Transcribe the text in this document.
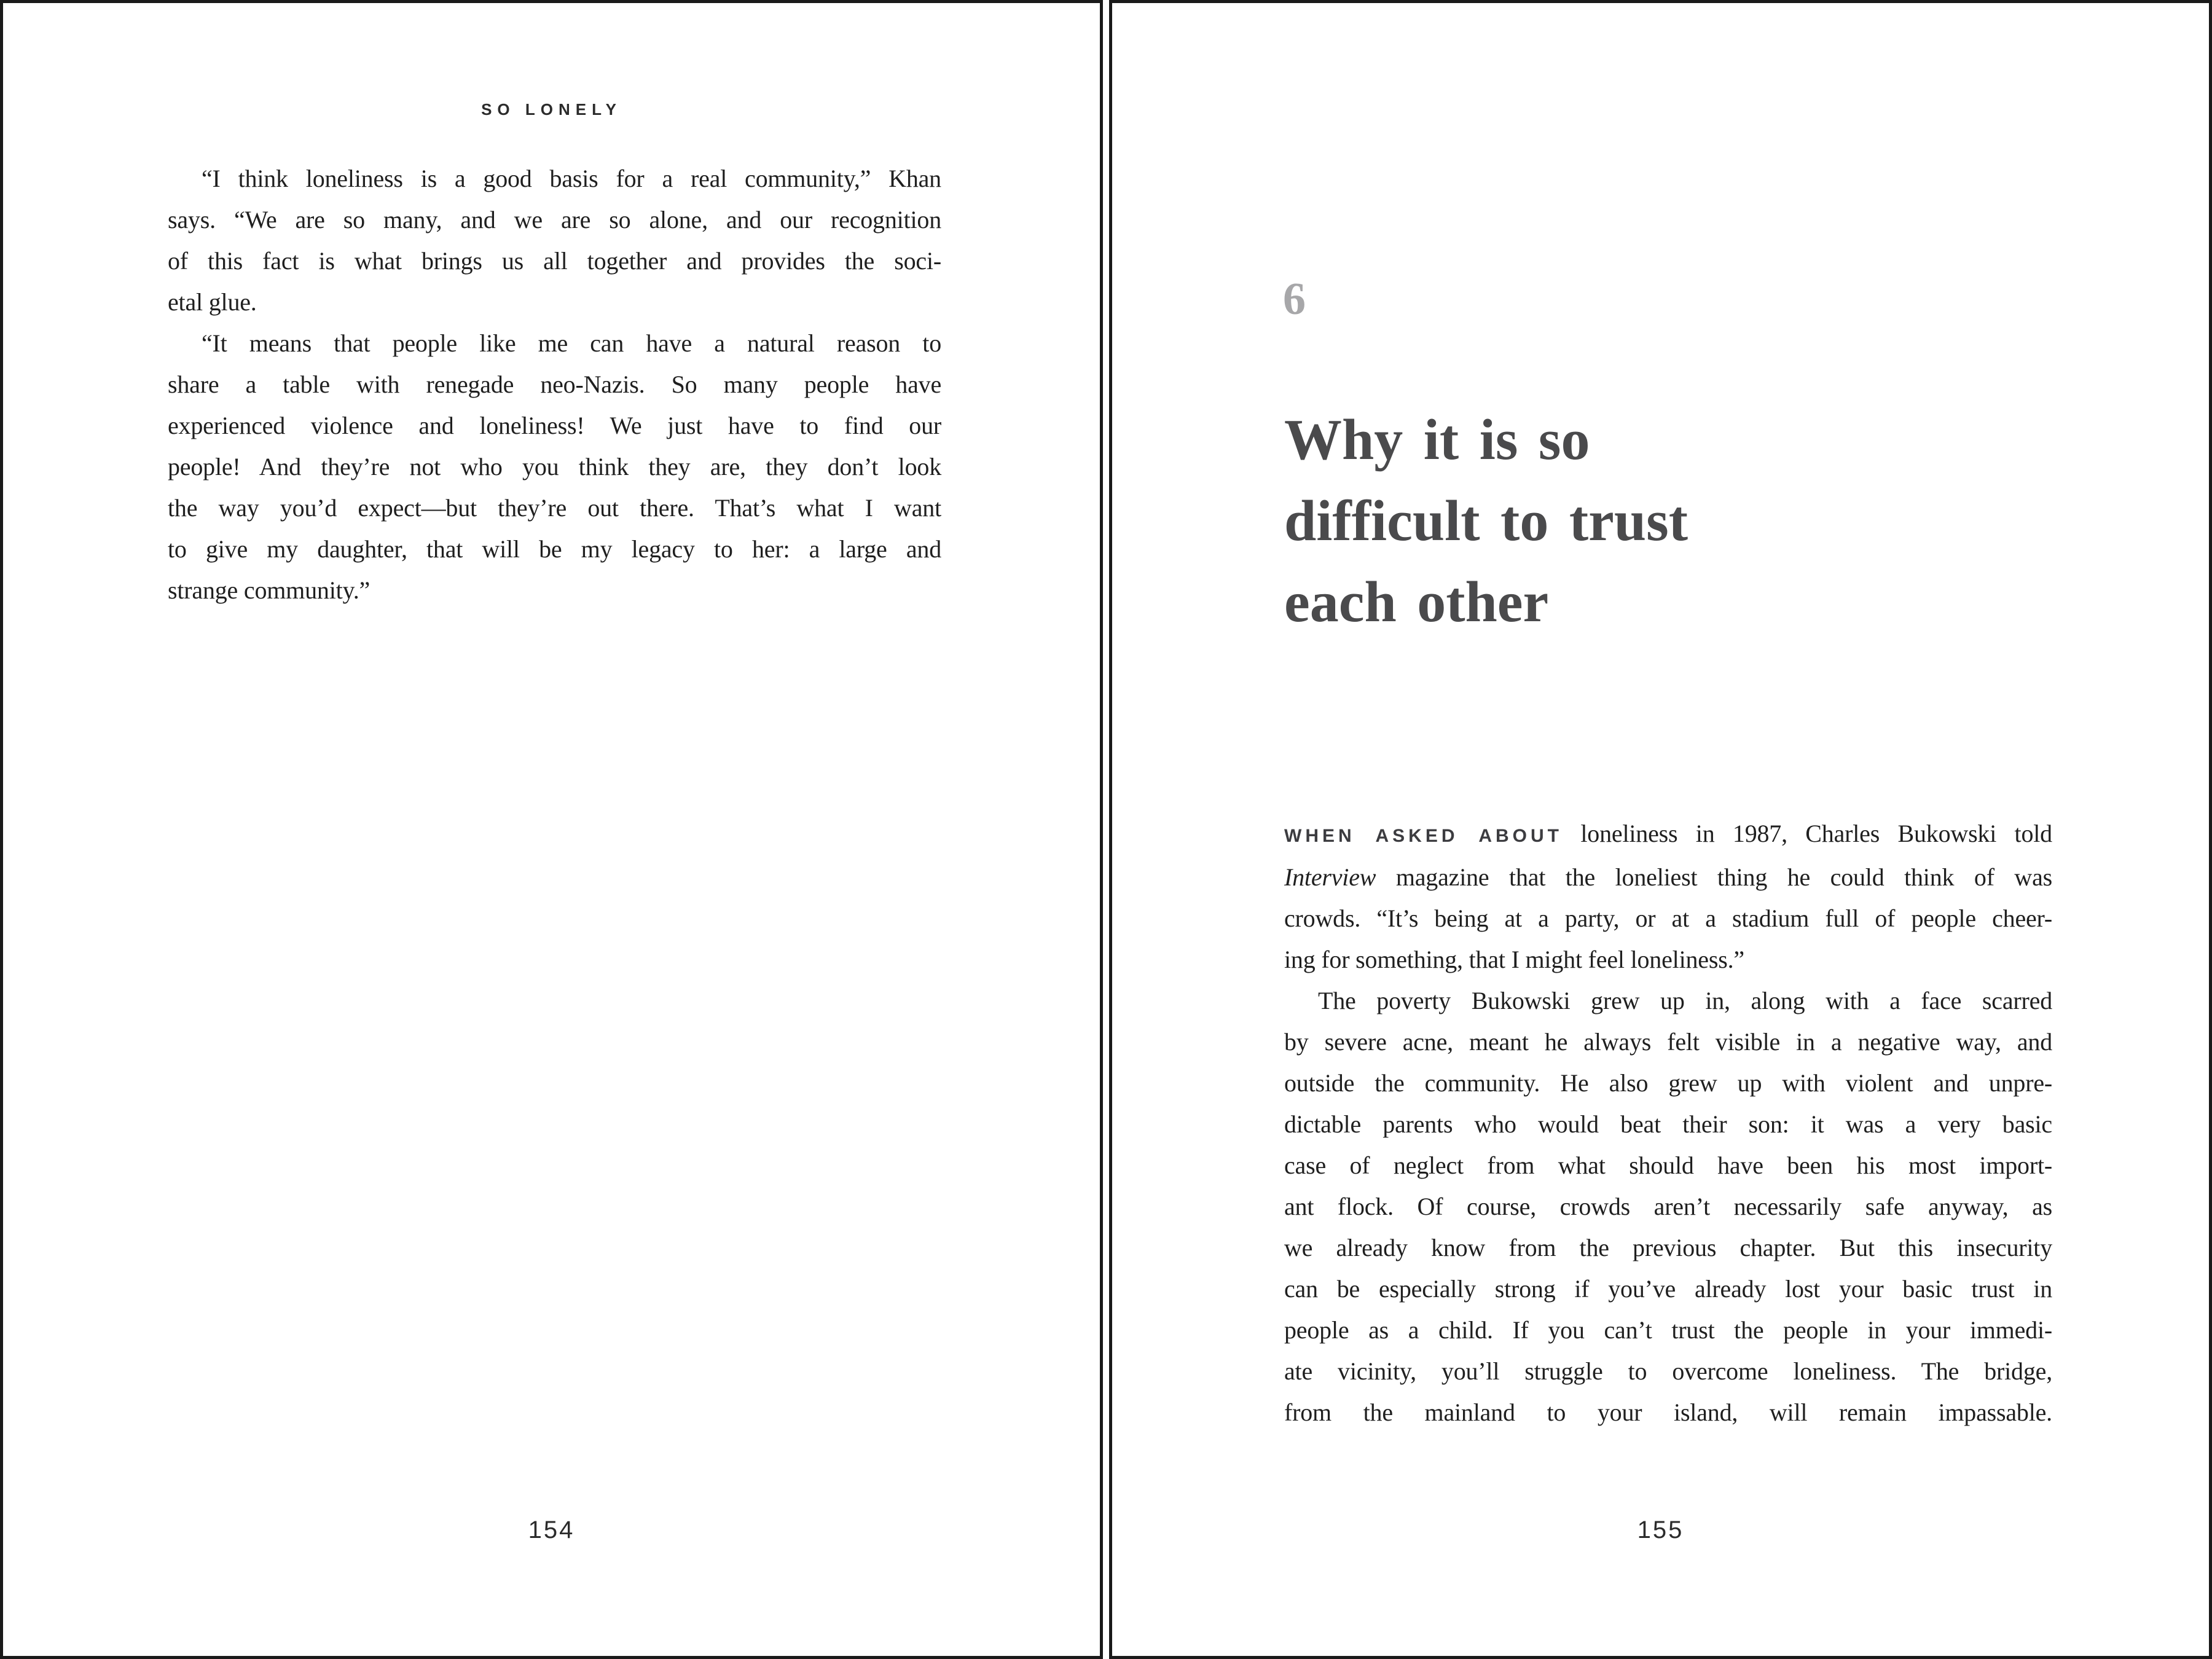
SO LONELY
“I think loneliness is a good basis for a real community,” Khan
says. “We are so many, and we are so alone, and our recognition
of this fact is what brings us all together and provides the soci-
etal glue.
“It means that people like me can have a natural reason to
share a table with renegade neo-Nazis. So many people have
experienced violence and loneliness! We just have to find our
people! And they’re not who you think they are, they don’t look
the way you’d expect—but they’re out there. That’s what I want
to give my daughter, that will be my legacy to her: a large and
strange community.”
154
6
Why it is so
difficult to trust
each other
WHEN ASKED ABOUT loneliness in 1987, Charles Bukowski told
Interview magazine that the loneliest thing he could think of was
crowds. “It’s being at a party, or at a stadium full of people cheer-
ing for something, that I might feel loneliness.”
The poverty Bukowski grew up in, along with a face scarred
by severe acne, meant he always felt visible in a negative way, and
outside the community. He also grew up with violent and unpre-
dictable parents who would beat their son: it was a very basic
case of neglect from what should have been his most import-
ant flock. Of course, crowds aren’t necessarily safe anyway, as
we already know from the previous chapter. But this insecurity
can be especially strong if you’ve already lost your basic trust in
people as a child. If you can’t trust the people in your immedi-
ate vicinity, you’ll struggle to overcome loneliness. The bridge,
from the mainland to your island, will remain impassable.
155
